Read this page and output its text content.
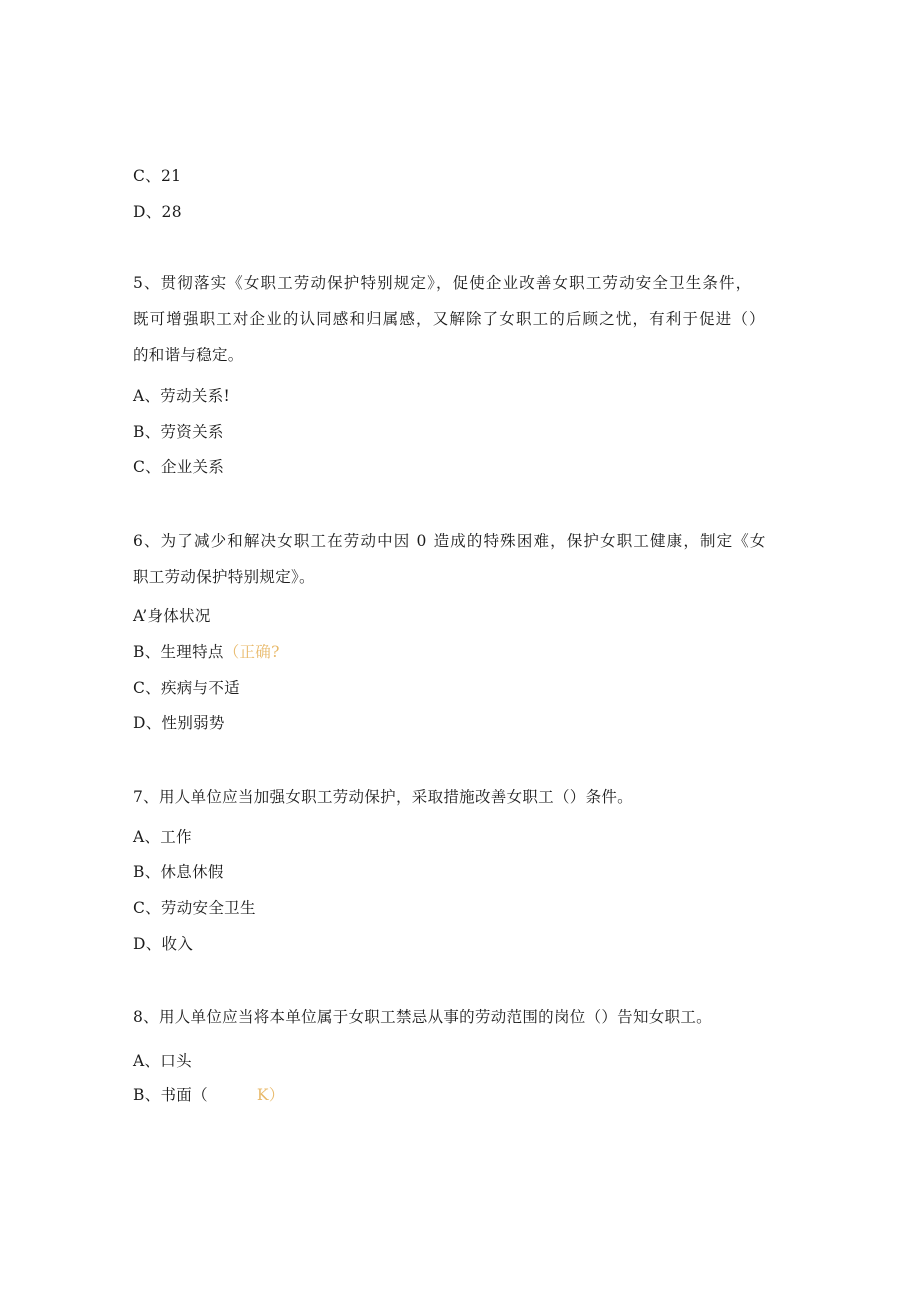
C、21
D、28
5、贯彻落实《女职工劳动保护特别规定》，促使企业改善女职工劳动安全卫生条件，
既可增强职工对企业的认同感和归属感，又解除了女职工的后顾之忧，有利于促进（）
的和谐与稳定。
A、劳动关系!
B、劳资关系
C、企业关系
6、为了减少和解决女职工在劳动中因 0 造成的特殊困难，保护女职工健康，制定《女
职工劳动保护特别规定》。
A’身体状况
B、生理特点（正确?
C、疾病与不适
D、性别弱势
7、用人单位应当加强女职工劳动保护，采取措施改善女职工（）条件。
A、工作
B、休息休假
C、劳动安全卫生
D、收入
8、用人单位应当将本单位属于女职工禁忌从事的劳动范围的岗位（）告知女职工。
A、口头
B、书面（	K）
